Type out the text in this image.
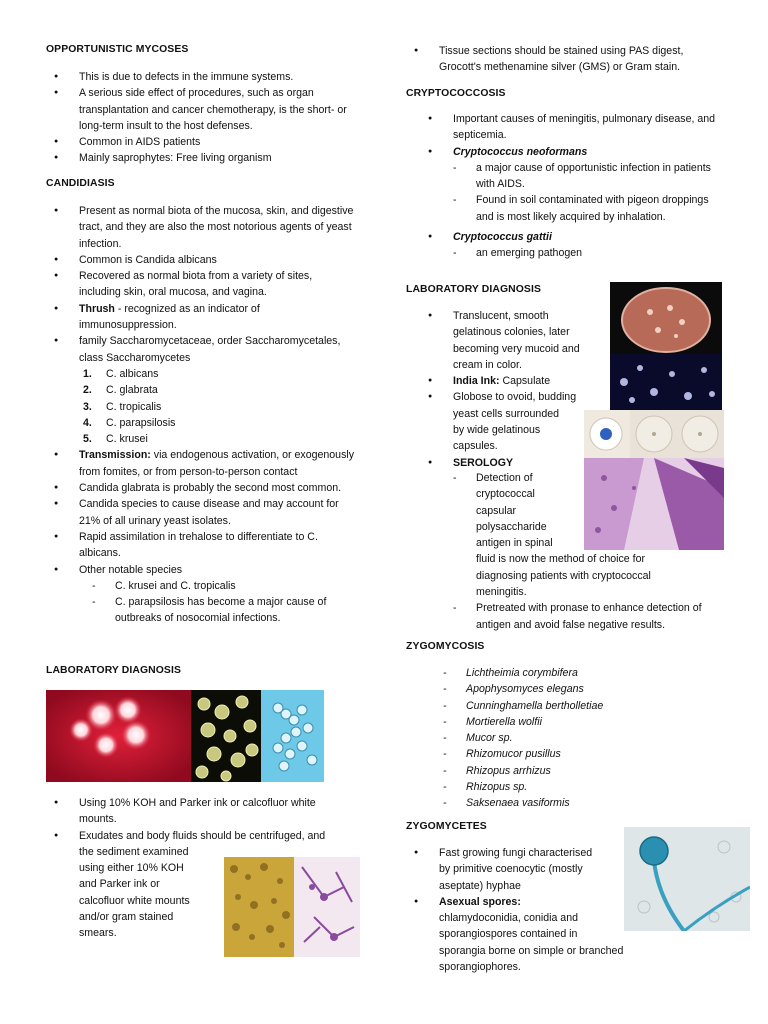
OPPORTUNISTIC MYCOSES
● This is due to defects in the immune systems.
● A serious side effect of procedures, such as organ transplantation and cancer chemotherapy, is the short- or long-term insult to the host defenses.
● Common in AIDS patients
● Mainly saprophytes: Free living organism
CANDIDIASIS
● Present as normal biota of the mucosa, skin, and digestive tract, and they are also the most notorious agents of yeast infection.
● Common is Candida albicans
● Recovered as normal biota from a variety of sites, including skin, oral mucosa, and vagina.
● Thrush - recognized as an indicator of immunosuppression.
● family Saccharomycetaceae, order Saccharomycetales, class Saccharomycetes
1. C. albicans
2. C. glabrata
3. C. tropicalis
4. C. parapsilosis
5. C. krusei
● Transmission: via endogenous activation, or exogenously from fomites, or from person-to-person contact
● Candida glabrata is probably the second most common.
● Candida species to cause disease and may account for 21% of all urinary yeast isolates.
● Rapid assimilation in trehalose to differentiate to C. albicans.
● Other notable species
- C. krusei and C. tropicalis
- C. parapsilosis has become a major cause of outbreaks of nosocomial infections.
LABORATORY DIAGNOSIS
● Using 10% KOH and Parker ink or calcofluor white mounts.
● Exudates and body fluids should be centrifuged, and
the sediment examined
using either 10% KOH
and Parker ink or
calcofluor white mounts
and/or gram stained
smears.
● Tissue sections should be stained using PAS digest, Grocott's methenamine silver (GMS) or Gram stain.
CRYPTOCOCCOSIS
● Important causes of meningitis, pulmonary disease, and septicemia.
● Cryptococcus neoformans
- a major cause of opportunistic infection in patients with AIDS.
- Found in soil contaminated with pigeon droppings and is most likely acquired by inhalation.
● Cryptococcus gattii
- an emerging pathogen
LABORATORY DIAGNOSIS
● Translucent, smooth
gelatinous colonies, later
becoming very mucoid and
cream in color.
● India Ink: Capsulate
● Globose to ovoid, budding
yeast cells surrounded
by wide gelatinous
capsules.
● SEROLOGY
- Detection of
cryptococcal
capsular
polysaccharide
antigen in spinal
fluid is now the method of choice for
diagnosing patients with cryptococcal
meningitis.
- Pretreated with pronase to enhance detection of antigen and avoid false negative results.
ZYGOMYCOSIS
- Lichtheimia corymbifera
- Apophysomyces elegans
- Cunninghamella bertholletiae
- Mortierella wolfii
- Mucor sp.
- Rhizomucor pusillus
- Rhizopus arrhizus
- Rhizopus sp.
- Saksenaea vasiformis
ZYGOMYCETES
● Fast growing fungi characterised
by primitive coenocytic (mostly
aseptate) hyphae
● Asexual spores:
chlamydoconidia, conidia and
sporangiospores contained in
sporangia borne on simple or branched
sporangiophores.
